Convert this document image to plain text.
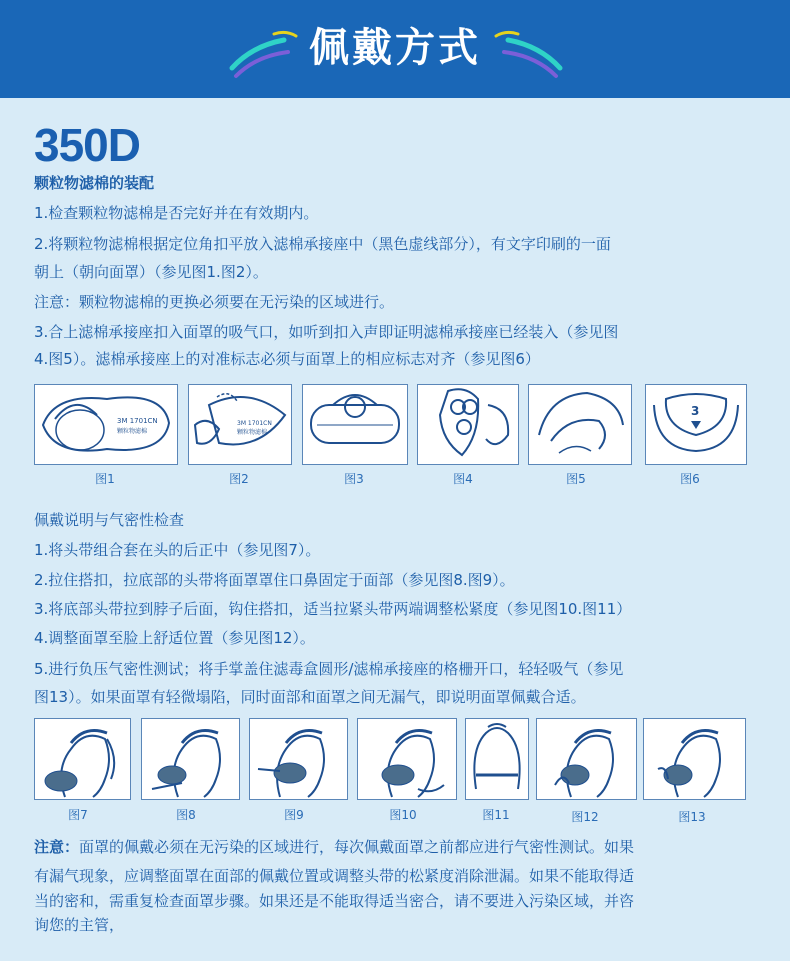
佩戴方式
350D
颗粒物滤棉的装配
1.检查颗粒物滤棉是否完好并在有效期内。
2.将颗粒物滤棉根据定位角扣平放入滤棉承接座中（黑色虚线部分），有文字印刷的一面
朝上（朝向面罩）（参见图1.图2）。
注意：颗粒物滤棉的更换必须要在无污染的区域进行。
3.合上滤棉承接座扣入面罩的吸气口，如听到扣入声即证明滤棉承接座已经装入（参见图
4.图5）。滤棉承接座上的对准标志必须与面罩上的相应标志对齐（参见图6）
3M 1701CN
颗粒物滤棉
3M 1701CN
颗粒物滤棉
3
图1	图2	图3	图4	图5	图6
佩戴说明与气密性检查
1.将头带组合套在头的后正中（参见图7）。
2.拉住搭扣，拉底部的头带将面罩罩住口鼻固定于面部（参见图8.图9）。
3.将底部头带拉到脖子后面，钩住搭扣，适当拉紧头带两端调整松紧度（参见图10.图11）
4.调整面罩至脸上舒适位置（参见图12）。
5.进行负压气密性测试；将手掌盖住滤毒盒圆形/滤棉承接座的格栅开口，轻轻吸气（参见
图13）。如果面罩有轻微塌陷，同时面部和面罩之间无漏气，即说明面罩佩戴合适。
图7	图8	图9	图10	图11	图12	图13
注意：面罩的佩戴必须在无污染的区域进行，每次佩戴面罩之前都应进行气密性测试。如果
有漏气现象，应调整面罩在面部的佩戴位置或调整头带的松紧度消除泄漏。如果不能取得适
当的密和，需重复检查面罩步骤。如果还是不能取得适当密合，请不要进入污染区域，并咨
询您的主管，
